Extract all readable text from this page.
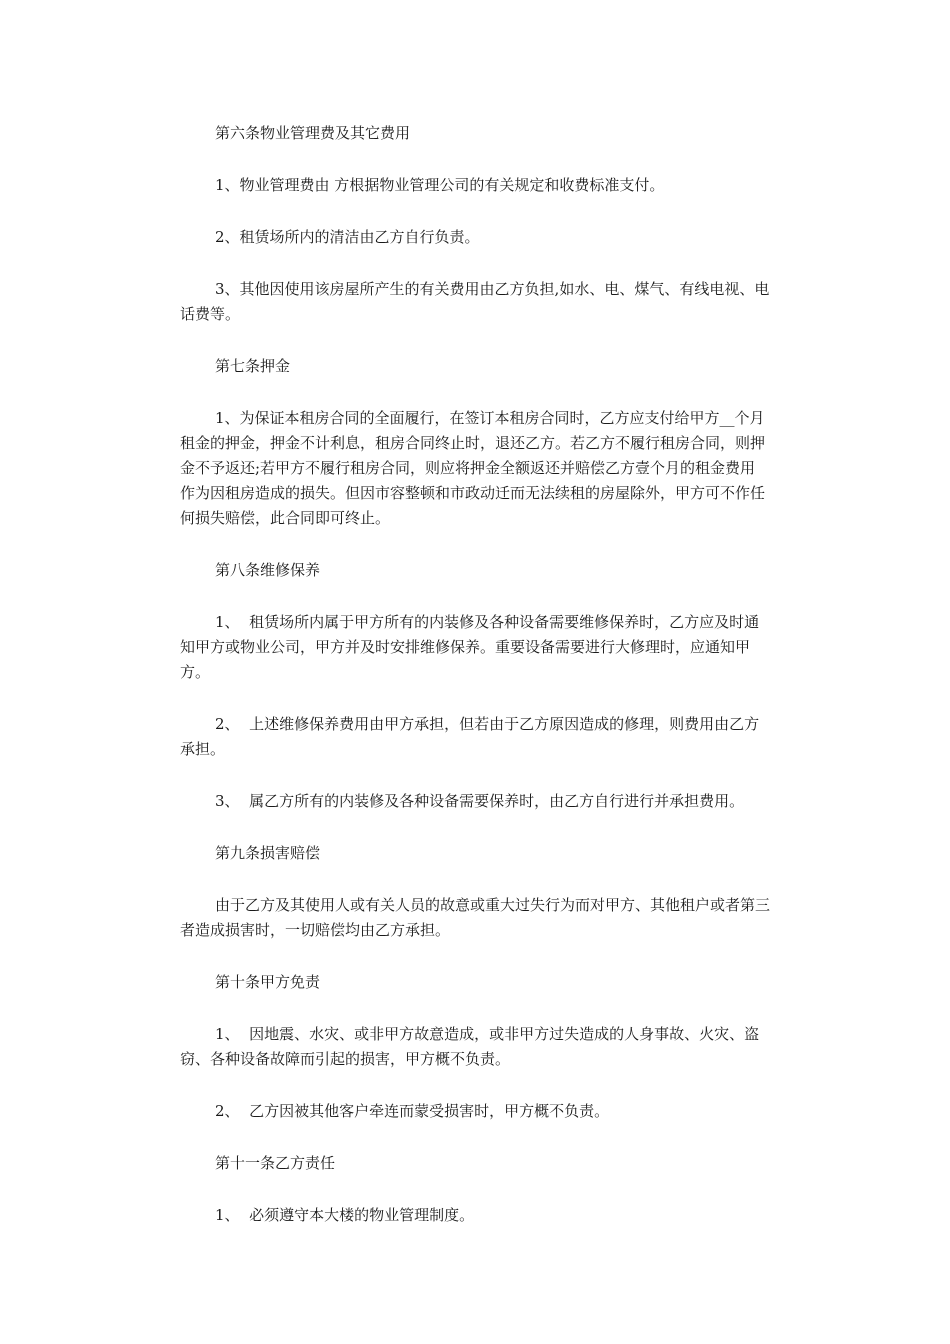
第六条物业管理费及其它费用

1、物业管理费由 方根据物业管理公司的有关规定和收费标准支付。

2、租赁场所内的清洁由乙方自行负责。

3、其他因使用该房屋所产生的有关费用由乙方负担,如水、电、煤气、有线电视、电话费等。

第七条押金

1、为保证本租房合同的全面履行，在签订本租房合同时，乙方应支付给甲方__个月租金的押金，押金不计利息，租房合同终止时，退还乙方。若乙方不履行租房合同，则押金不予返还;若甲方不履行租房合同，则应将押金全额返还并赔偿乙方壹个月的租金费用作为因租房造成的损失。但因市容整顿和市政动迁而无法续租的房屋除外，甲方可不作任何损失赔偿，此合同即可终止。

第八条维修保养

1、  租赁场所内属于甲方所有的内装修及各种设备需要维修保养时，乙方应及时通知甲方或物业公司，甲方并及时安排维修保养。重要设备需要进行大修理时，应通知甲方。

2、  上述维修保养费用由甲方承担，但若由于乙方原因造成的修理，则费用由乙方承担。

3、  属乙方所有的内装修及各种设备需要保养时，由乙方自行进行并承担费用。

第九条损害赔偿

由于乙方及其使用人或有关人员的故意或重大过失行为而对甲方、其他租户或者第三者造成损害时，一切赔偿均由乙方承担。

第十条甲方免责

1、  因地震、水灾、或非甲方故意造成，或非甲方过失造成的人身事故、火灾、盗窃、各种设备故障而引起的损害，甲方概不负责。

2、  乙方因被其他客户牵连而蒙受损害时，甲方概不负责。

第十一条乙方责任

1、  必须遵守本大楼的物业管理制度。
